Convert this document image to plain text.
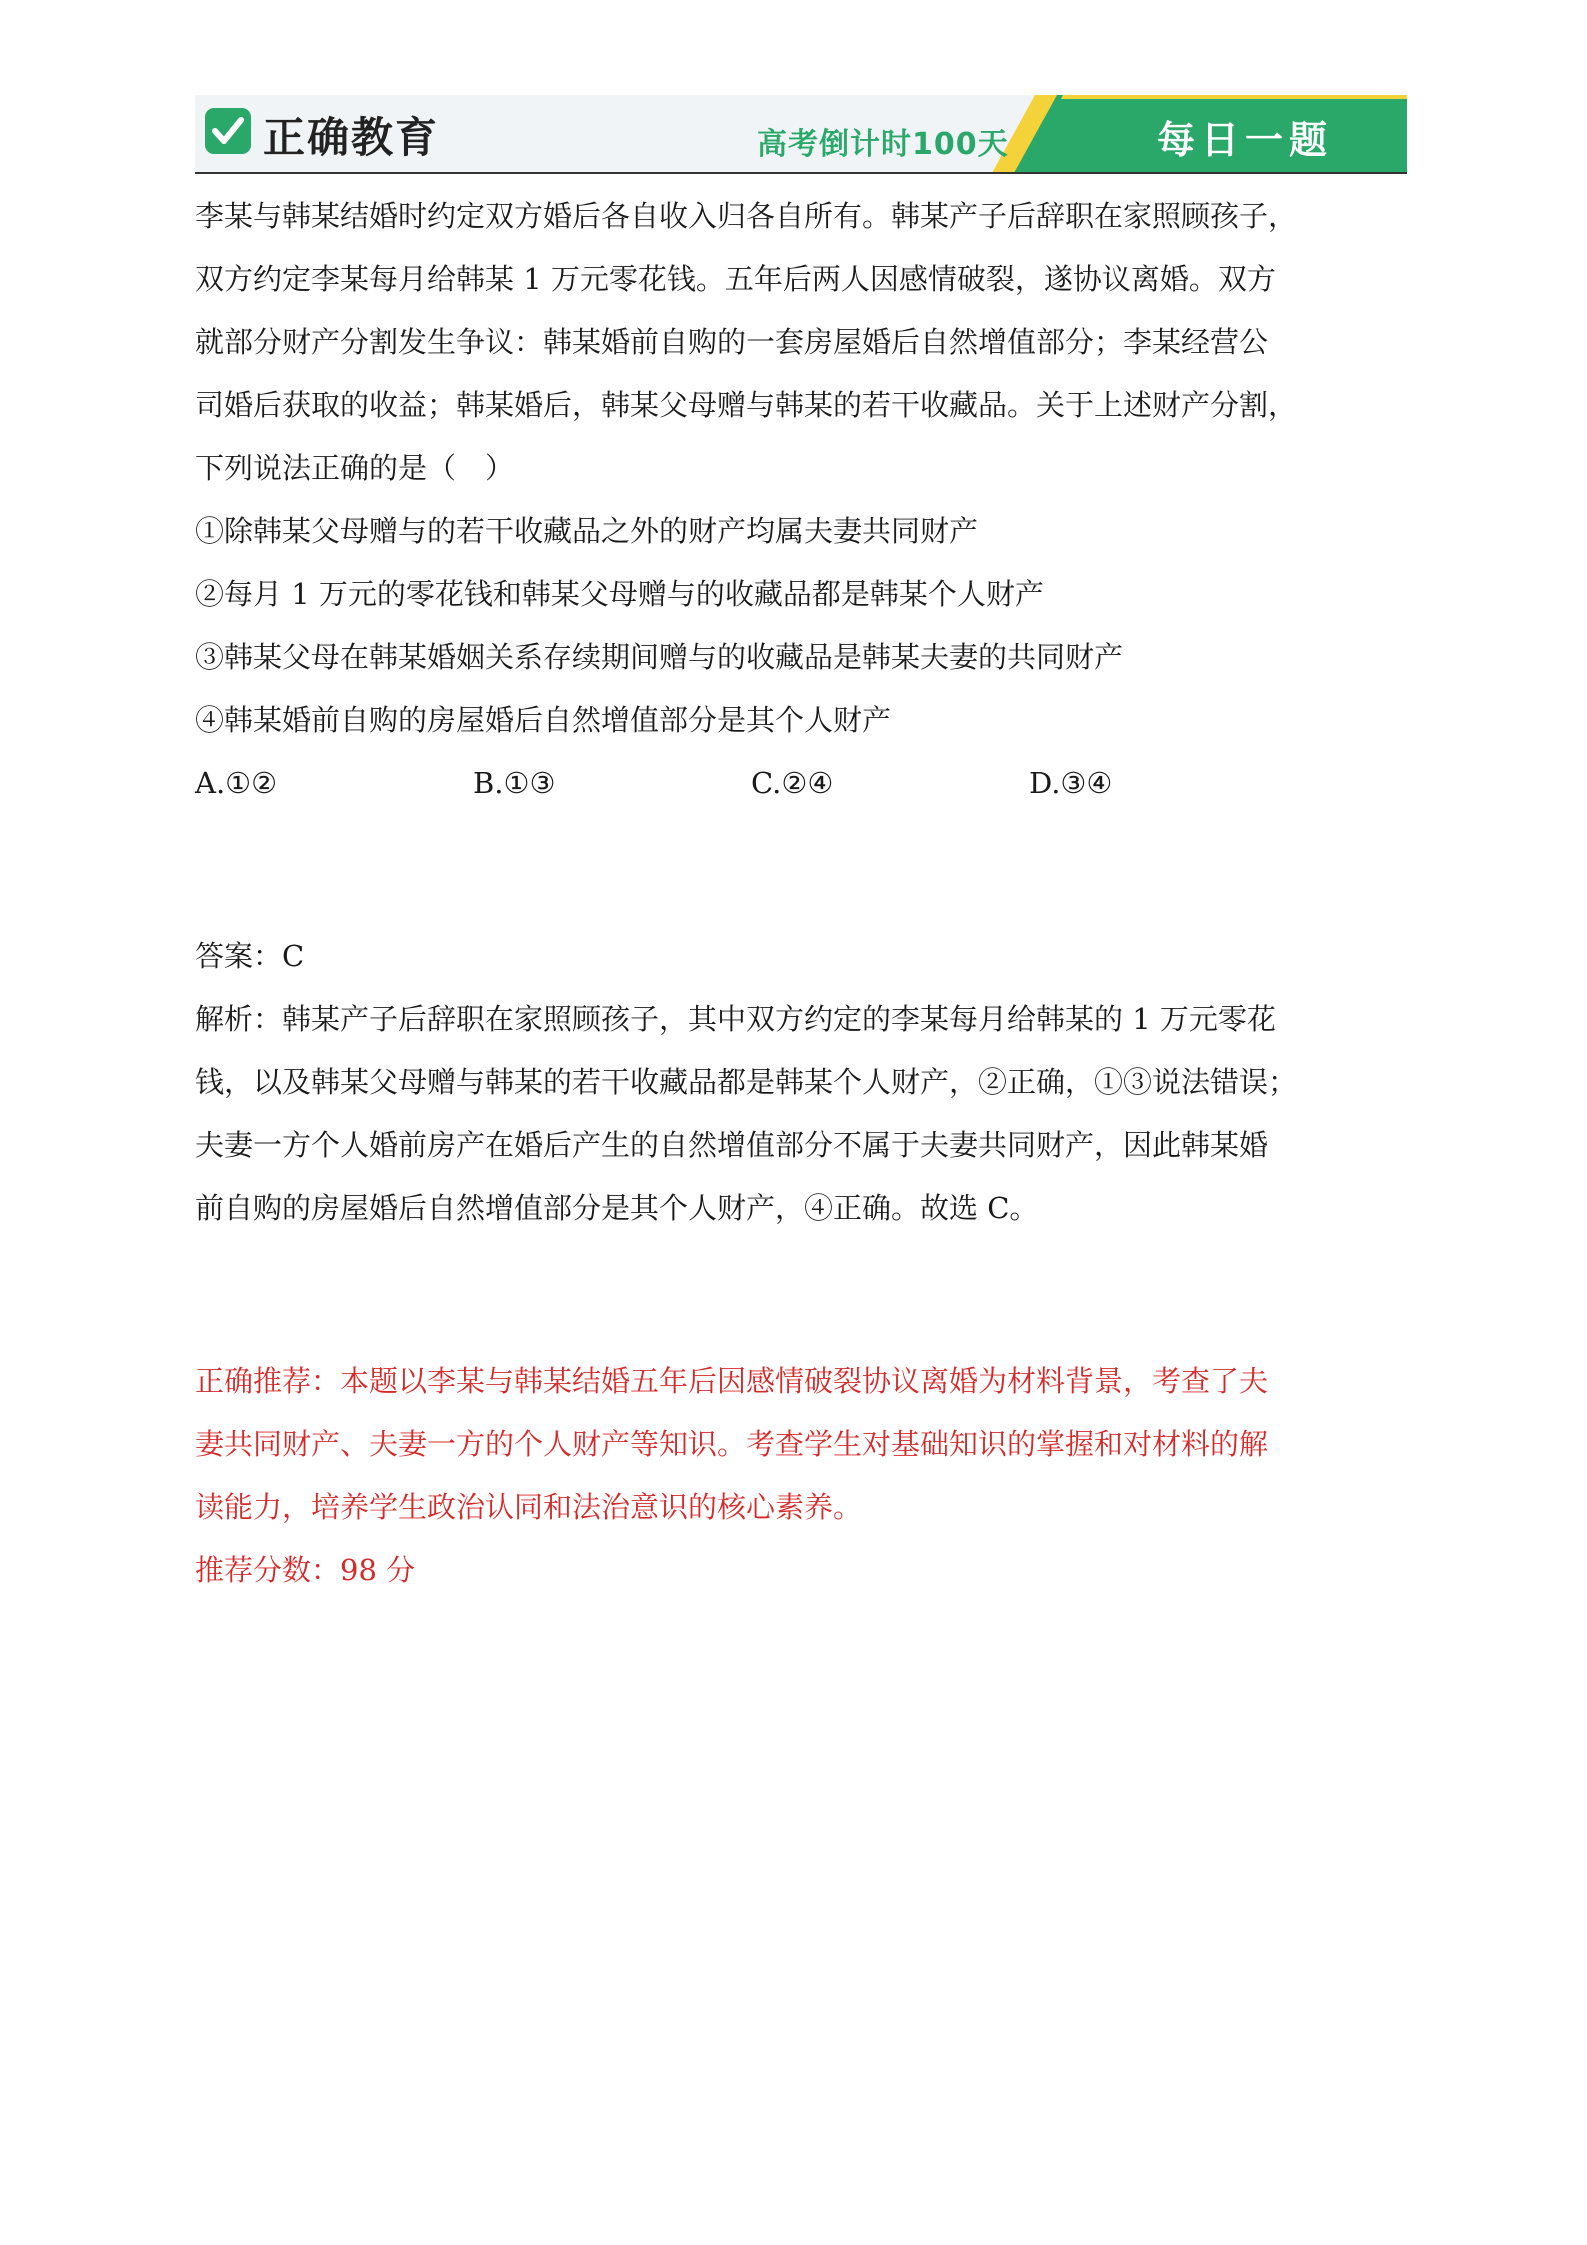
正确教育	高考倒计时100天	每日一题
李某与韩某结婚时约定双方婚后各自收入归各自所有。韩某产子后辞职在家照顾孩子，
双方约定李某每月给韩某 1 万元零花钱。五年后两人因感情破裂，遂协议离婚。双方
就部分财产分割发生争议：韩某婚前自购的一套房屋婚后自然增值部分；李某经营公
司婚后获取的收益；韩某婚后，韩某父母赠与韩某的若干收藏品。关于上述财产分割，
下列说法正确的是（　）
①除韩某父母赠与的若干收藏品之外的财产均属夫妻共同财产
②每月 1 万元的零花钱和韩某父母赠与的收藏品都是韩某个人财产
③韩某父母在韩某婚姻关系存续期间赠与的收藏品是韩某夫妻的共同财产
④韩某婚前自购的房屋婚后自然增值部分是其个人财产
A.①②	B.①③	C.②④	D.③④
答案：C
解析：韩某产子后辞职在家照顾孩子，其中双方约定的李某每月给韩某的 1 万元零花
钱，以及韩某父母赠与韩某的若干收藏品都是韩某个人财产，②正确，①③说法错误；
夫妻一方个人婚前房产在婚后产生的自然增值部分不属于夫妻共同财产，因此韩某婚
前自购的房屋婚后自然增值部分是其个人财产，④正确。故选 C。
正确推荐：本题以李某与韩某结婚五年后因感情破裂协议离婚为材料背景，考查了夫
妻共同财产、夫妻一方的个人财产等知识。考查学生对基础知识的掌握和对材料的解
读能力，培养学生政治认同和法治意识的核心素养。
推荐分数：98 分
